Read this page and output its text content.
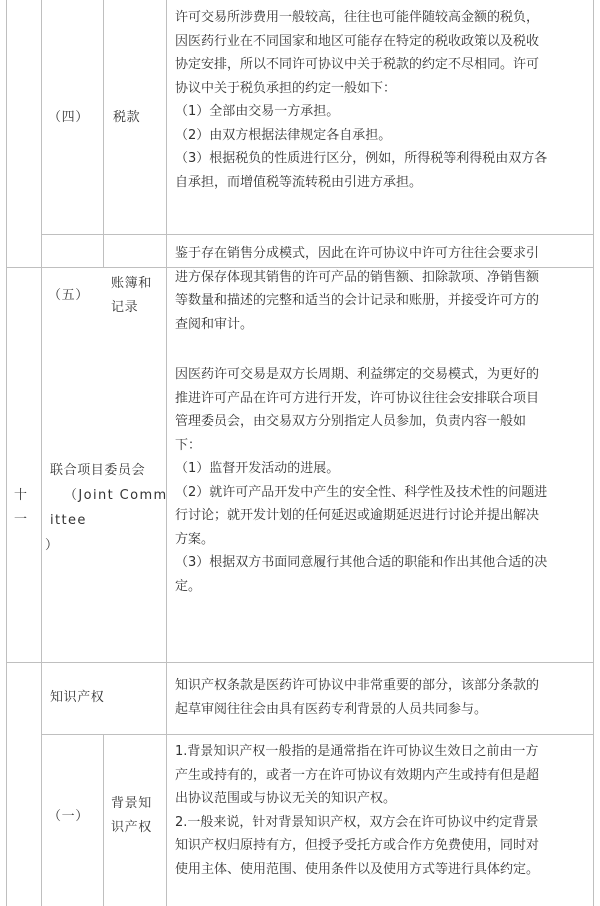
（四） 税款

许可交易所涉费用一般较高，往往也可能伴随较高金额的税负，

因医药行业在不同国家和地区可能存在特定的税收政策以及税收

协定安排，所以不同许可协议中关于税款的约定不尽相同。许可

协议中关于税负承担的约定一般如下：

（1）全部由交易一方承担。

（2）由双方根据法律规定各自承担。

（3）根据税负的性质进行区分，例如，所得税等利得税由双方各

自承担，而增值税等流转税由引进方承担。

（五）
账簿和
记录

鉴于存在销售分成模式，因此在许可协议中许可方往往会要求引

进方保存体现其销售的许可产品的销售额、扣除款项、净销售额

等数量和描述的完整和适当的会计记录和账册，并接受许可方的

查阅和审计。

十
一
联合项目委员会
（Joint Comm
ittee
）

因医药许可交易是双方长周期、利益绑定的交易模式，为更好的

推进许可产品在许可方进行开发，许可协议往往会安排联合项目

管理委员会，由交易双方分别指定人员参加，负责内容一般如

下：

（1）监督开发活动的进展。

（2）就许可产品开发中产生的安全性、科学性及技术性的问题进

行讨论；就开发计划的任何延迟或逾期延迟进行讨论并提出解决

方案。

（3）根据双方书面同意履行其他合适的职能和作出其他合适的决

定。

知识产权

知识产权条款是医药许可协议中非常重要的部分，该部分条款的

起草审阅往往会由具有医药专利背景的人员共同参与。

（一）
背景知
识产权

1.背景知识产权一般指的是通常指在许可协议生效日之前由一方

产生或持有的，或者一方在许可协议有效期内产生或持有但是超

出协议范围或与协议无关的知识产权。

2.一般来说，针对背景知识产权，双方会在许可协议中约定背景

知识产权归原持有方，但授予受托方或合作方免费使用，同时对

使用主体、使用范围、使用条件以及使用方式等进行具体约定。
